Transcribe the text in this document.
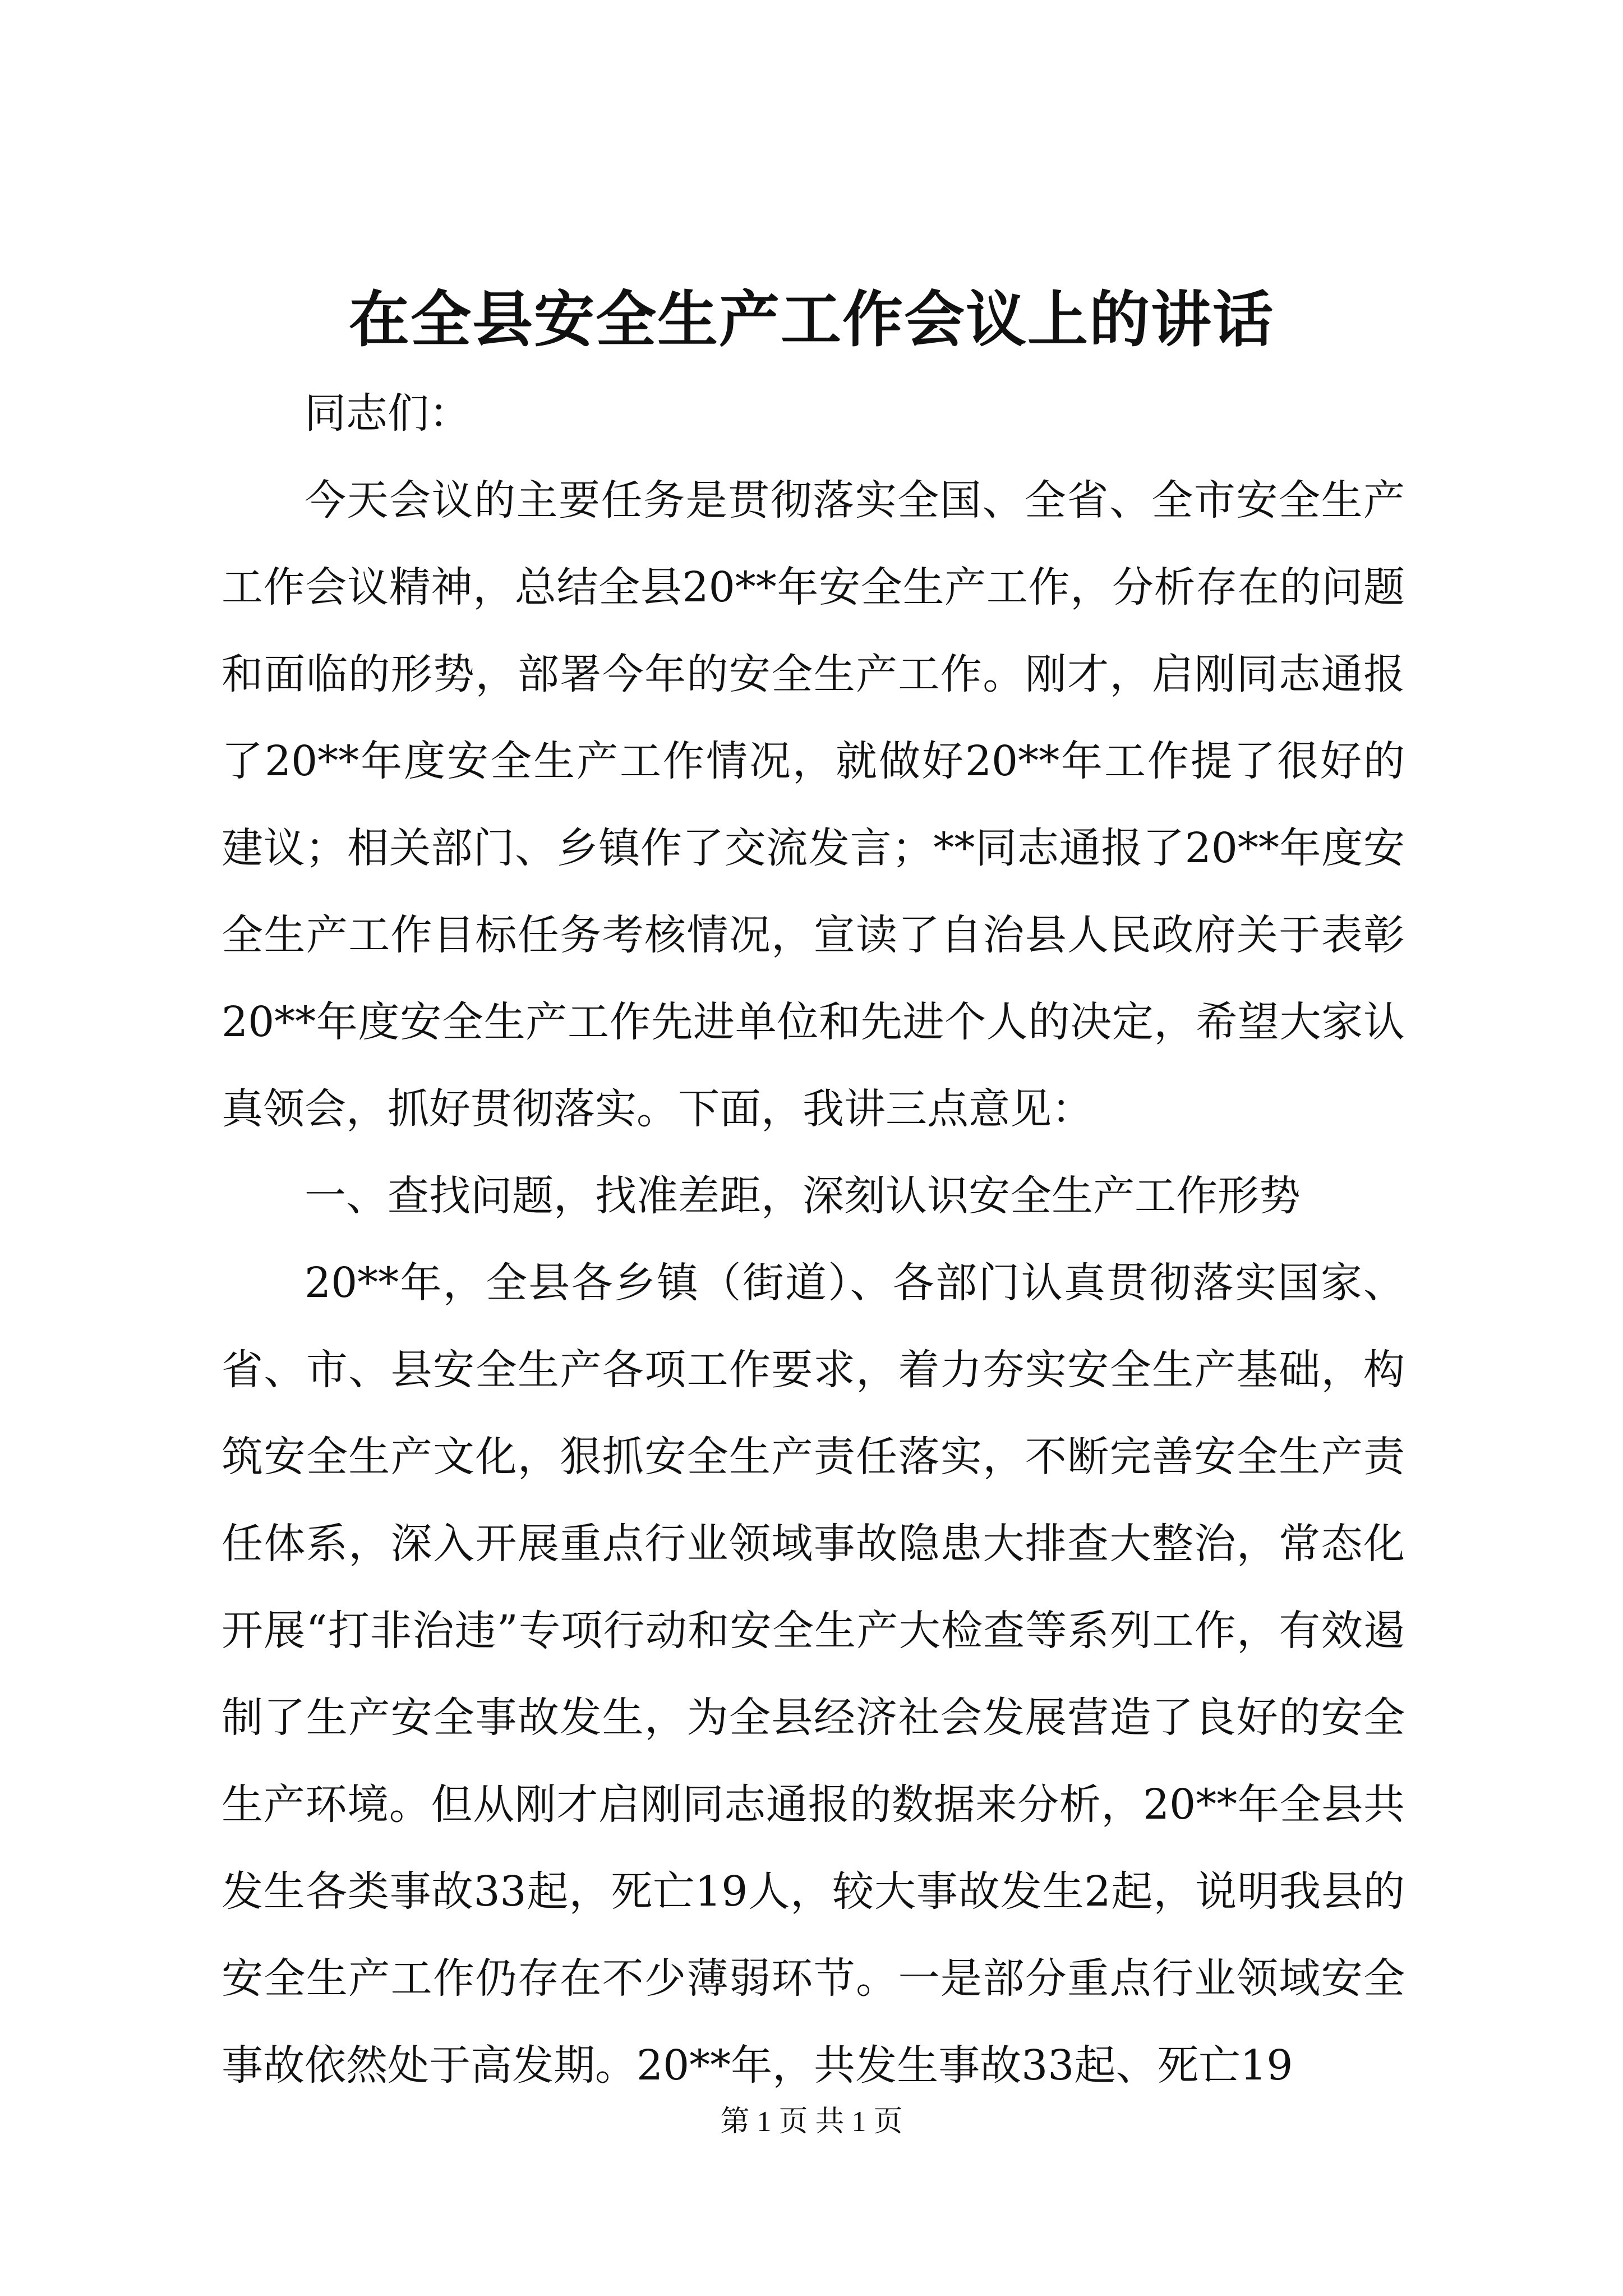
在全县安全生产工作会议上的讲话

同志们：

今天会议的主要任务是贯彻落实全国、全省、全市安全生产工作会议精神，总结全县20**年安全生产工作，分析存在的问题和面临的形势，部署今年的安全生产工作。刚才，启刚同志通报了20**年度安全生产工作情况，就做好20**年工作提了很好的建议；相关部门、乡镇作了交流发言；**同志通报了20**年度安全生产工作目标任务考核情况，宣读了自治县人民政府关于表彰20**年度安全生产工作先进单位和先进个人的决定，希望大家认真领会，抓好贯彻落实。下面，我讲三点意见：

一、查找问题，找准差距，深刻认识安全生产工作形势

20**年，全县各乡镇（街道）、各部门认真贯彻落实国家、省、市、县安全生产各项工作要求，着力夯实安全生产基础，构筑安全生产文化，狠抓安全生产责任落实，不断完善安全生产责任体系，深入开展重点行业领域事故隐患大排查大整治，常态化开展“打非治违”专项行动和安全生产大检查等系列工作，有效遏制了生产安全事故发生，为全县经济社会发展营造了良好的安全生产环境。但从刚才启刚同志通报的数据来分析，20**年全县共发生各类事故33起，死亡19人，较大事故发生2起，说明我县的安全生产工作仍存在不少薄弱环节。一是部分重点行业领域安全事故依然处于高发期。20**年，共发生事故33起、死亡19

第 1 页 共 1 页
